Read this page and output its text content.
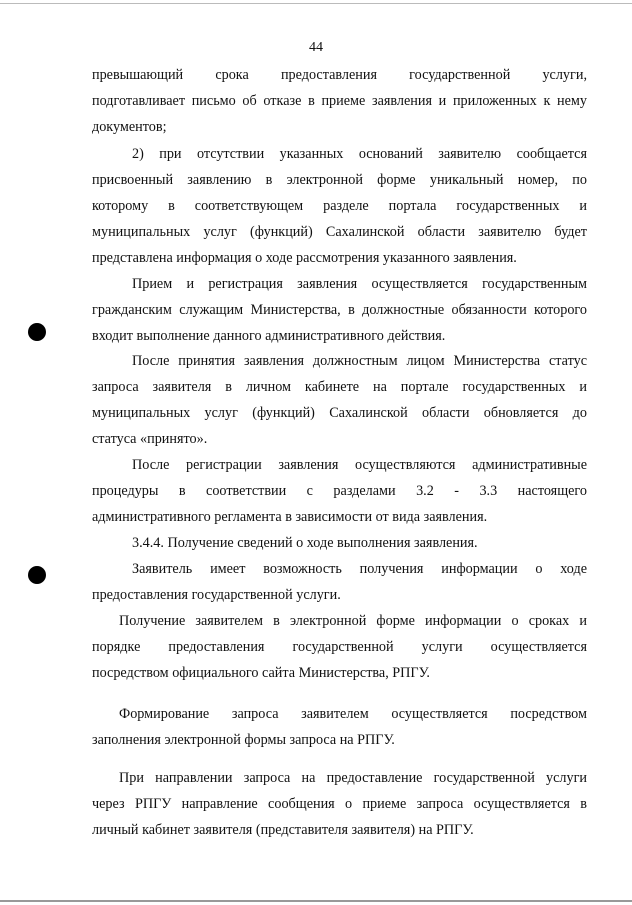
44
превышающий срока предоставления государственной услуги,
подготавливает письмо об отказе в приеме заявления и приложенных к нему
документов;
2) при отсутствии указанных оснований заявителю сообщается
присвоенный заявлению в электронной форме уникальный номер, по
которому в соответствующем разделе портала государственных и
муниципальных услуг (функций) Сахалинской области заявителю будет
представлена информация о ходе рассмотрения указанного заявления.
Прием и регистрация заявления осуществляется государственным
гражданским служащим Министерства, в должностные обязанности которого
входит выполнение данного административного действия.
После принятия заявления должностным лицом Министерства статус
запроса заявителя в личном кабинете на портале государственных и
муниципальных услуг (функций) Сахалинской области обновляется до
статуса «принято».
После регистрации заявления осуществляются административные
процедуры в соответствии с разделами 3.2 - 3.3 настоящего
административного регламента в зависимости от вида заявления.
3.4.4. Получение сведений о ходе выполнения заявления.
Заявитель имеет возможность получения информации о ходе
предоставления государственной услуги.
Получение заявителем в электронной форме информации о сроках и
порядке предоставления государственной услуги осуществляется
посредством официального сайта Министерства, РПГУ.
Формирование запроса заявителем осуществляется посредством
заполнения электронной формы запроса на РПГУ.
При направлении запроса на предоставление государственной услуги
через РПГУ направление сообщения о приеме запроса осуществляется в
личный кабинет заявителя (представителя заявителя) на РПГУ.
